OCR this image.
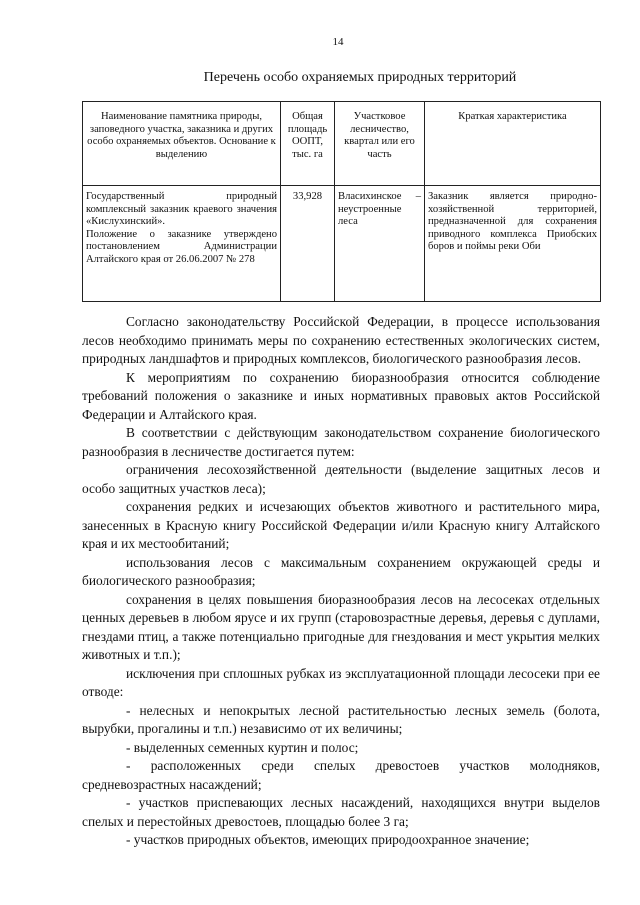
14
Перечень особо охраняемых природных территорий
Наименование памятника природы, заповедного участка, заказника и других особо охраняемых объектов. Основание к выделению	Общая площадь ООПТ, тыс. га	Участковое лесничество, квартал или его часть	Краткая характеристика

Государственный природный комплексный заказник краевого значения «Кислухинский».
Положение о заказнике утверждено постановлением Администрации Алтайского края от 26.06.2007 № 278	33,928	Власихинское – неустроенные леса	Заказник является природно-хозяйственной территорией, предназначенной для сохранения приводного комплекса Приобских боров и поймы реки Оби

Согласно законодательству Российской Федерации, в процессе использования лесов необходимо принимать меры по сохранению естественных экологических систем, природных ландшафтов и природных комплексов, биологического разнообразия лесов.

К мероприятиям по сохранению биоразнообразия относится соблюдение требований положения о заказнике и иных нормативных правовых актов Российской Федерации и Алтайского края.

В соответствии с действующим законодательством сохранение биологического разнообразия в лесничестве достигается путем:

ограничения лесохозяйственной деятельности (выделение защитных лесов и особо защитных участков леса);

сохранения редких и исчезающих объектов животного и растительного мира, занесенных в Красную книгу Российской Федерации и/или Красную книгу Алтайского края и их местообитаний;

использования лесов с максимальным сохранением окружающей среды и биологического разнообразия;

сохранения в целях повышения биоразнообразия лесов на лесосеках отдельных ценных деревьев в любом ярусе и их групп (старовозрастные деревья, деревья с дуплами, гнездами птиц, а также потенциально пригодные для гнездования и мест укрытия мелких животных и т.п.);

исключения при сплошных рубках из эксплуатационной площади лесосеки при ее отводе:

- нелесных и непокрытых лесной растительностью лесных земель (болота, вырубки, прогалины и т.п.) независимо от их величины;

- выделенных семенных куртин и полос;

- расположенных среди спелых древостоев участков молодняков, средневозрастных насаждений;

- участков приспевающих лесных насаждений, находящихся внутри выделов спелых и перестойных древостоев, площадью более 3 га;

- участков природных объектов, имеющих природоохранное значение;
